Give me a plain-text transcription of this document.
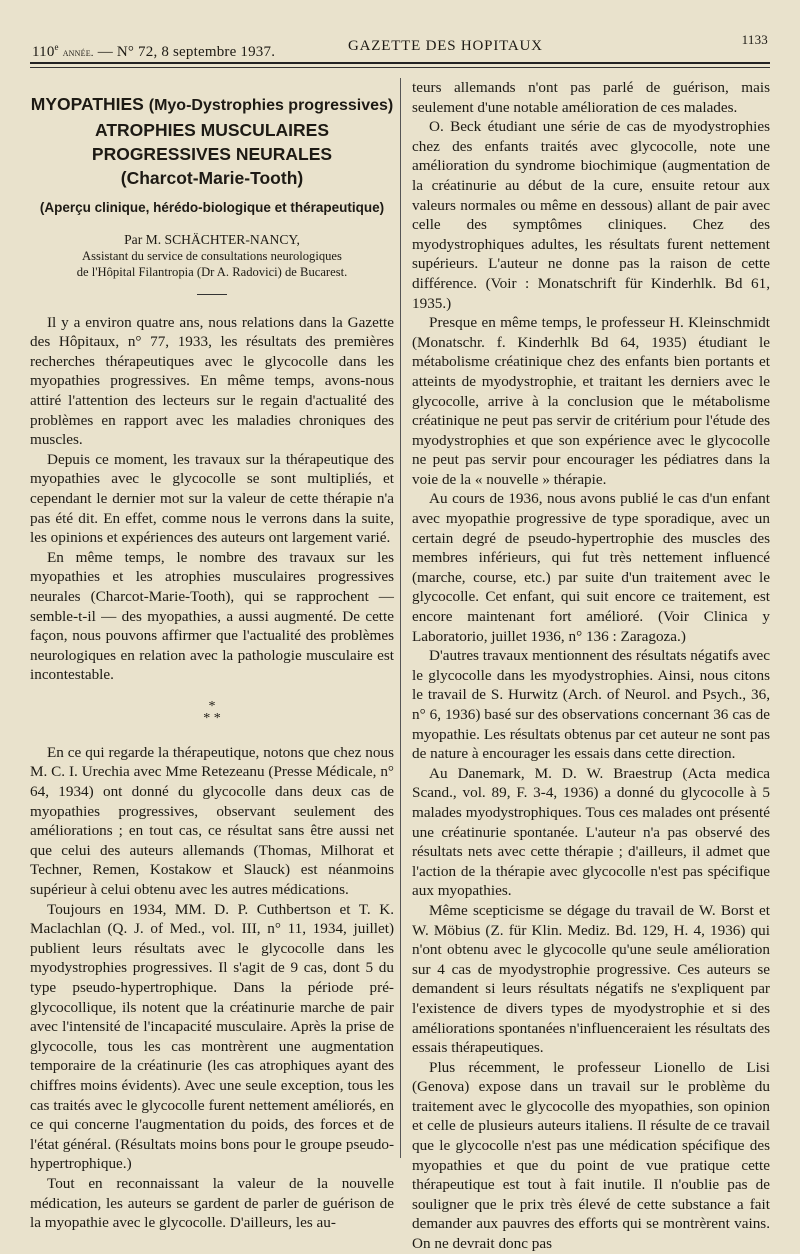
110e année. — N° 72, 8 septembre 1937.	GAZETTE DES HOPITAUX	1133
MYOPATHIES (Myo-Dystrophies progressives)
ATROPHIES MUSCULAIRES
PROGRESSIVES NEURALES
(Charcot-Marie-Tooth)
(Aperçu clinique, hérédo-biologique et thérapeutique)
Par M. SCHÄCHTER-NANCY,
Assistant du service de consultations neurologiques
de l'Hôpital Filantropia (Dr A. Radovici) de Bucarest.

Il y a environ quatre ans, nous relations dans la Gazette des Hôpitaux, n° 77, 1933, les résultats des premières recherches thérapeutiques avec le glycocolle dans les myopathies progressives. En même temps, avons-nous attiré l'attention des lecteurs sur le regain d'actualité des problèmes en rapport avec les maladies chroniques des muscles.

Depuis ce moment, les travaux sur la thérapeutique des myopathies avec le glycocolle se sont multipliés, et cependant le dernier mot sur la valeur de cette thérapie n'a pas été dit. En effet, comme nous le verrons dans la suite, les opinions et expériences des auteurs ont largement varié.

En même temps, le nombre des travaux sur les myopathies et les atrophies musculaires progressives neurales (Charcot-Marie-Tooth), qui se rapprochent — semble-t-il — des myopathies, a aussi augmenté. De cette façon, nous pouvons affirmer que l'actualité des problèmes neurologiques en relation avec la pathologie musculaire est incontestable.

*
* *

En ce qui regarde la thérapeutique, notons que chez nous M. C. I. Urechia avec Mme Retezeanu (Presse Médicale, n° 64, 1934) ont donné du glycocolle dans deux cas de myopathies progressives, observant seulement des améliorations ; en tout cas, ce résultat sans être aussi net que celui des auteurs allemands (Thomas, Milhorat et Techner, Remen, Kostakow et Slauck) est néanmoins supérieur à celui obtenu avec les autres médications.

Toujours en 1934, MM. D. P. Cuthbertson et T. K. Maclachlan (Q. J. of Med., vol. III, n° 11, 1934, juillet) publient leurs résultats avec le glycocolle dans les myodystrophies progressives. Il s'agit de 9 cas, dont 5 du type pseudo-hypertrophique. Dans la période pré-glycocollique, ils notent que la créatinurie marche de pair avec l'intensité de l'incapacité musculaire. Après la prise de glycocolle, tous les cas montrèrent une augmentation temporaire de la créatinurie (les cas atrophiques ayant des chiffres moins évidents). Avec une seule exception, tous les cas traités avec le glycocolle furent nettement améliorés, en ce qui concerne l'augmentation du poids, des forces et de l'état général. (Résultats moins bons pour le groupe pseudo-hypertrophique.)

Tout en reconnaissant la valeur de la nouvelle médication, les auteurs se gardent de parler de guérison de la myopathie avec le glycocolle. D'ailleurs, les au-

teurs allemands n'ont pas parlé de guérison, mais seulement d'une notable amélioration de ces malades.

O. Beck étudiant une série de cas de myodystrophies chez des enfants traités avec glycocolle, note une amélioration du syndrome biochimique (augmentation de la créatinurie au début de la cure, ensuite retour aux valeurs normales ou même en dessous) allant de pair avec celle des symptômes cliniques. Chez des myodystrophiques adultes, les résultats furent nettement supérieurs. L'auteur ne donne pas la raison de cette différence. (Voir : Monatschrift für Kinderhlk. Bd 61, 1935.)

Presque en même temps, le professeur H. Kleinschmidt (Monatschr. f. Kinderhlk Bd 64, 1935) étudiant le métabolisme créatinique chez des enfants bien portants et atteints de myodystrophie, et traitant les derniers avec le glycocolle, arrive à la conclusion que le métabolisme créatinique ne peut pas servir de critérium pour l'étude des myodystrophies et que son expérience avec le glycocolle ne peut pas servir pour encourager les pédiatres dans la voie de la « nouvelle » thérapie.

Au cours de 1936, nous avons publié le cas d'un enfant avec myopathie progressive de type sporadique, avec un certain degré de pseudo-hypertrophie des muscles des membres inférieurs, qui fut très nettement influencé (marche, course, etc.) par suite d'un traitement avec le glycocolle. Cet enfant, qui suit encore ce traitement, est encore maintenant fort amélioré. (Voir Clinica y Laboratorio, juillet 1936, n° 136 : Zaragoza.)

D'autres travaux mentionnent des résultats négatifs avec le glycocolle dans les myodystrophies. Ainsi, nous citons le travail de S. Hurwitz (Arch. of Neurol. and Psych., 36, n° 6, 1936) basé sur des observations concernant 36 cas de myopathie. Les résultats obtenus par cet auteur ne sont pas de nature à encourager les essais dans cette direction.

Au Danemark, M. D. W. Braestrup (Acta medica Scand., vol. 89, F. 3-4, 1936) a donné du glycocolle à 5 malades myodystrophiques. Tous ces malades ont présenté une créatinurie spontanée. L'auteur n'a pas observé des résultats nets avec cette thérapie ; d'ailleurs, il admet que l'action de la thérapie avec glycocolle n'est pas spécifique aux myopathies.

Même scepticisme se dégage du travail de W. Borst et W. Möbius (Z. für Klin. Mediz. Bd. 129, H. 4, 1936) qui n'ont obtenu avec le glycocolle qu'une seule amélioration sur 4 cas de myodystrophie progressive. Ces auteurs se demandent si leurs résultats négatifs ne s'expliquent par l'existence de divers types de myodystrophie et si des améliorations spontanées n'influenceraient les résultats des essais thérapeutiques.

Plus récemment, le professeur Lionello de Lisi (Genova) expose dans un travail sur le problème du traitement avec le glycocolle des myopathies, son opinion et celle de plusieurs auteurs italiens. Il résulte de ce travail que le glycocolle n'est pas une médication spécifique des myopathies et que du point de vue pratique cette thérapeutique est tout à fait inutile. Il n'oublie pas de souligner que le prix très élevé de cette substance a fait demander aux pauvres des efforts qui se montrèrent vains. On ne devrait donc pas
